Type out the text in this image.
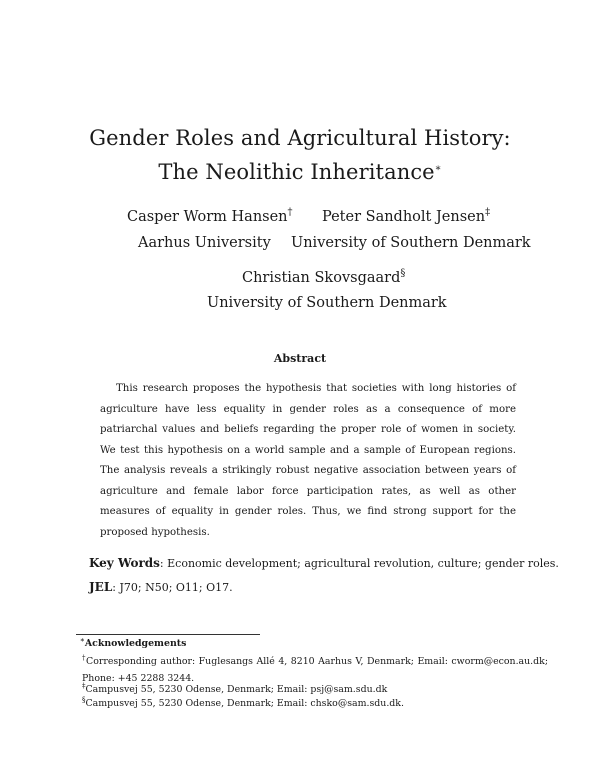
Gender Roles and Agricultural History:
The Neolithic Inheritance∗
Casper Worm Hansen†
Aarhus University
Peter Sandholt Jensen‡
University of Southern Denmark
Christian Skovsgaard§
University of Southern Denmark
Abstract
This research proposes the hypothesis that societies with long histories of agriculture have less equality in gender roles as a consequence of more patriarchal values and beliefs regarding the proper role of women in society. We test this hypothesis on a world sample and a sample of European regions. The analysis reveals a strikingly robust negative association between years of agriculture and female labor force participation rates, as well as other measures of equality in gender roles. Thus, we find strong support for the proposed hypothesis.
Key Words: Economic development; agricultural revolution, culture; gender roles.
JEL: J70; N50; O11; O17.
∗Acknowledgements
†Corresponding author: Fuglesangs Allé 4, 8210 Aarhus V, Denmark; Email: cworm@econ.au.dk; Phone: +45 2288 3244.
‡Campusvej 55, 5230 Odense, Denmark; Email: psj@sam.sdu.dk
§Campusvej 55, 5230 Odense, Denmark; Email: chsko@sam.sdu.dk.
